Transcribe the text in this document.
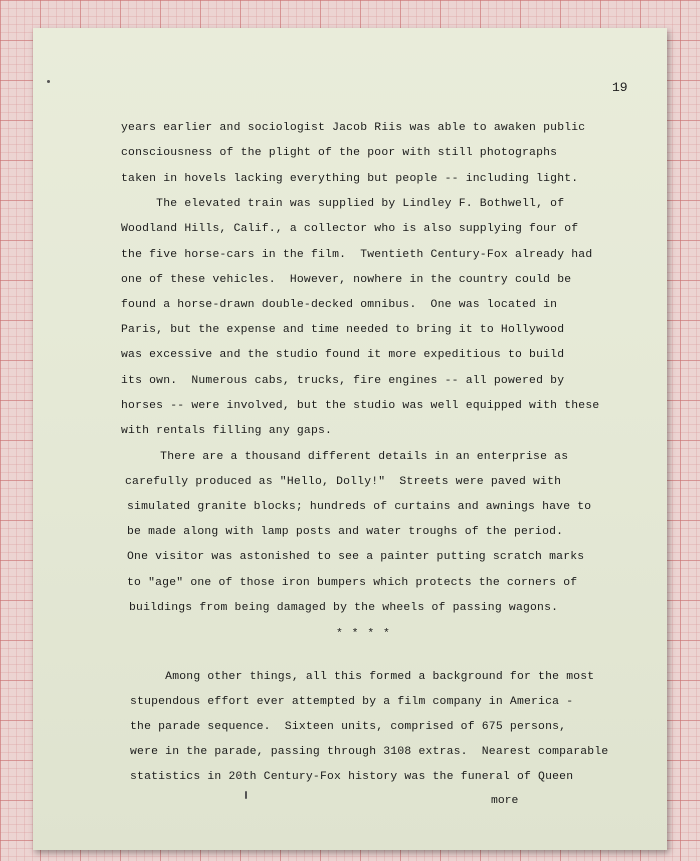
19
years earlier and sociologist Jacob Riis was able to awaken public
consciousness of the plight of the poor with still photographs
taken in hovels lacking everything but people -- including light.
The elevated train was supplied by Lindley F. Bothwell, of
Woodland Hills, Calif., a collector who is also supplying four of
the five horse-cars in the film.  Twentieth Century-Fox already had
one of these vehicles.  However, nowhere in the country could be
found a horse-drawn double-decked omnibus.  One was located in
Paris, but the expense and time needed to bring it to Hollywood
was excessive and the studio found it more expeditious to build
its own.  Numerous cabs, trucks, fire engines -- all powered by
horses -- were involved, but the studio was well equipped with these
with rentals filling any gaps.
There are a thousand different details in an enterprise as
carefully produced as "Hello, Dolly!"  Streets were paved with
simulated granite blocks; hundreds of curtains and awnings have to
be made along with lamp posts and water troughs of the period.
One visitor was astonished to see a painter putting scratch marks
to "age" one of those iron bumpers which protects the corners of
buildings from being damaged by the wheels of passing wagons.
* * * *
Among other things, all this formed a background for the most
stupendous effort ever attempted by a film company in America -
the parade sequence.  Sixteen units, comprised of 675 persons,
were in the parade, passing through 3108 extras.  Nearest comparable
statistics in 20th Century-Fox history was the funeral of Queen
more
